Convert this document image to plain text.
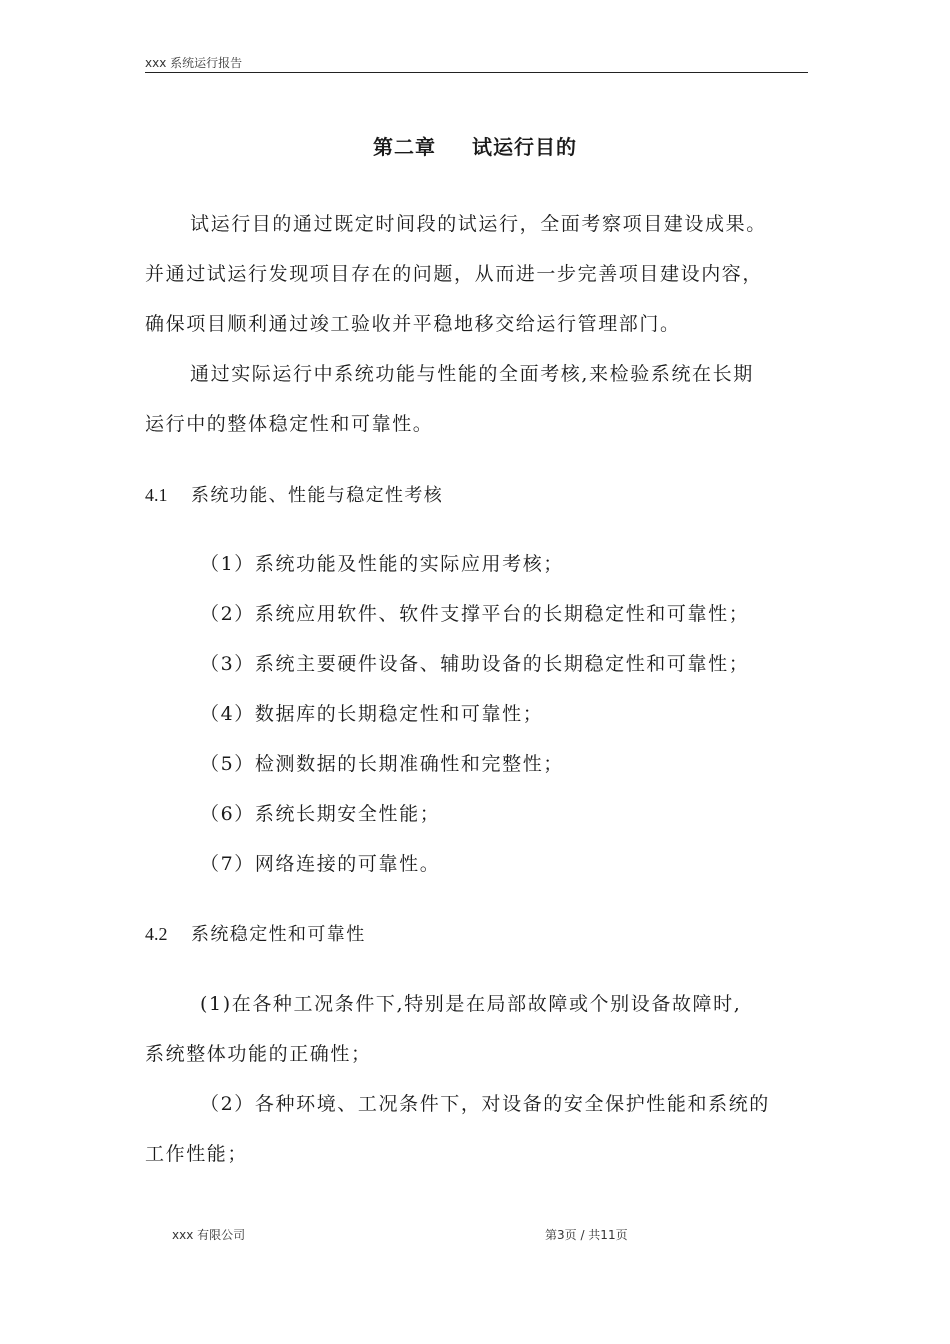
xxx 系统运行报告
第二章 试运行目的
试运行目的通过既定时间段的试运行，全面考察项目建设成果。
并通过试运行发现项目存在的问题，从而进一步完善项目建设内容，
确保项目顺利通过竣工验收并平稳地移交给运行管理部门。
通过实际运行中系统功能与性能的全面考核,来检验系统在长期
运行中的整体稳定性和可靠性。
4.1 系统功能、性能与稳定性考核
（1）系统功能及性能的实际应用考核；
（2）系统应用软件、软件支撑平台的长期稳定性和可靠性；
（3）系统主要硬件设备、辅助设备的长期稳定性和可靠性；
（4）数据库的长期稳定性和可靠性；
（5）检测数据的长期准确性和完整性；
（6）系统长期安全性能；
（7）网络连接的可靠性。
4.2 系统稳定性和可靠性
(1)在各种工况条件下,特别是在局部故障或个别设备故障时,
系统整体功能的正确性；
（2）各种环境、工况条件下，对设备的安全保护性能和系统的
工作性能；
xxx 有限公司	第3页 / 共11页
